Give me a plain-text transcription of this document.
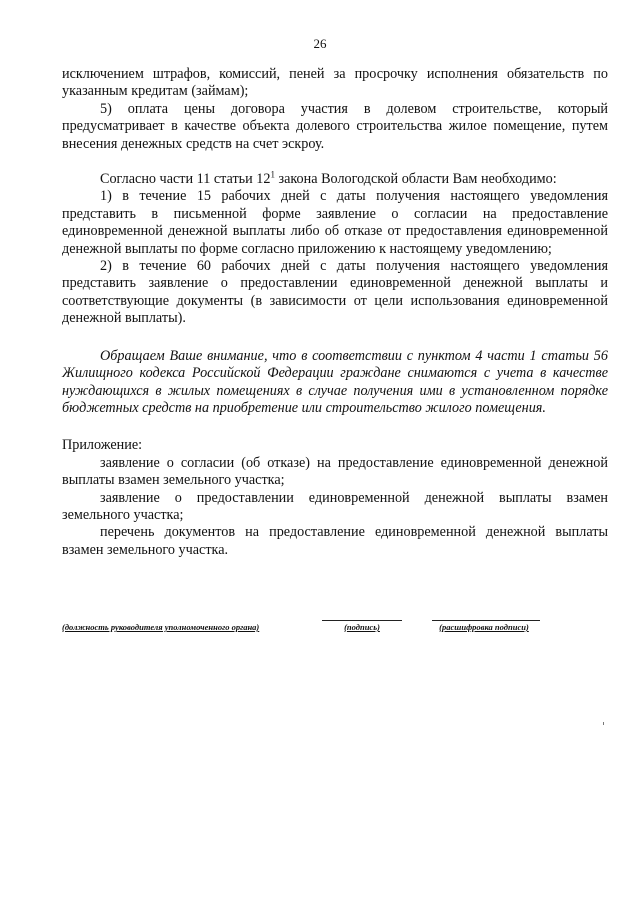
26

исключением штрафов, комиссий, пеней за просрочку исполнения обязательств по указанным кредитам (займам);

5) оплата цены договора участия в долевом строительстве, который предусматривает в качестве объекта долевого строительства жилое помещение, путем внесения денежных средств на счет эскроу.

Согласно части 11 статьи $12^1$ закона Вологодской области Вам необходимо:

1) в течение 15 рабочих дней с даты получения настоящего уведомления представить в письменной форме заявление о согласии на предоставление единовременной денежной выплаты либо об отказе от предоставления единовременной денежной выплаты по форме согласно приложению к настоящему уведомлению;

2) в течение 60 рабочих дней с даты получения настоящего уведомления представить заявление о предоставлении единовременной денежной выплаты и соответствующие документы (в зависимости от цели использования единовременной денежной выплаты).

Обращаем Ваше внимание, что в соответствии с пунктом 4 части 1 статьи 56 Жилищного кодекса Российской Федерации граждане снимаются с учета в качестве нуждающихся в жилых помещениях в случае получения ими в установленном порядке бюджетных средств на приобретение или строительство жилого помещения.

Приложение:

заявление о согласии (об отказе) на предоставление единовременной денежной выплаты взамен земельного участка;

заявление о предоставлении единовременной денежной выплаты взамен земельного участка;

перечень документов на предоставление единовременной денежной выплаты взамен земельного участка.

(должность руководителя уполномоченного органа)	(подпись)	(расшифровка подписи)
